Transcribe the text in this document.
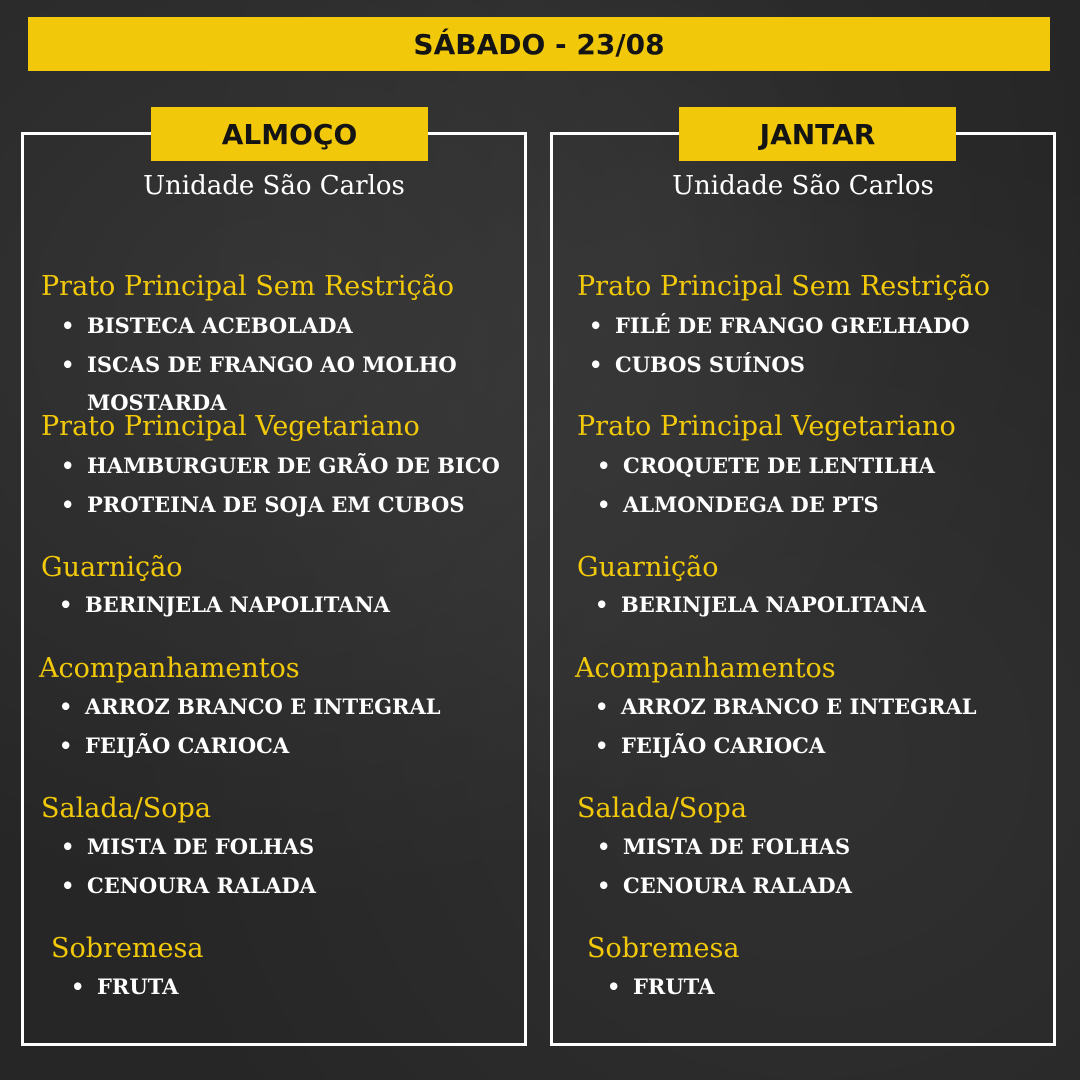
SÁBADO - 23/08
ALMOÇO
Unidade São Carlos
Prato Principal Sem Restrição
• BISTECA ACEBOLADA
• ISCAS DE FRANGO AO MOLHO
MOSTARDA
Prato Principal Vegetariano
• HAMBURGUER DE GRÃO DE BICO
• PROTEINA DE SOJA EM CUBOS
Guarnição
• BERINJELA NAPOLITANA
Acompanhamentos
• ARROZ BRANCO E INTEGRAL
• FEIJÃO CARIOCA
Salada/Sopa
• MISTA DE FOLHAS
• CENOURA RALADA
Sobremesa
• FRUTA
JANTAR
Unidade São Carlos
Prato Principal Sem Restrição
• FILÉ DE FRANGO GRELHADO
• CUBOS SUÍNOS
Prato Principal Vegetariano
• CROQUETE DE LENTILHA
• ALMONDEGA DE PTS
Guarnição
• BERINJELA NAPOLITANA
Acompanhamentos
• ARROZ BRANCO E INTEGRAL
• FEIJÃO CARIOCA
Salada/Sopa
• MISTA DE FOLHAS
• CENOURA RALADA
Sobremesa
• FRUTA
